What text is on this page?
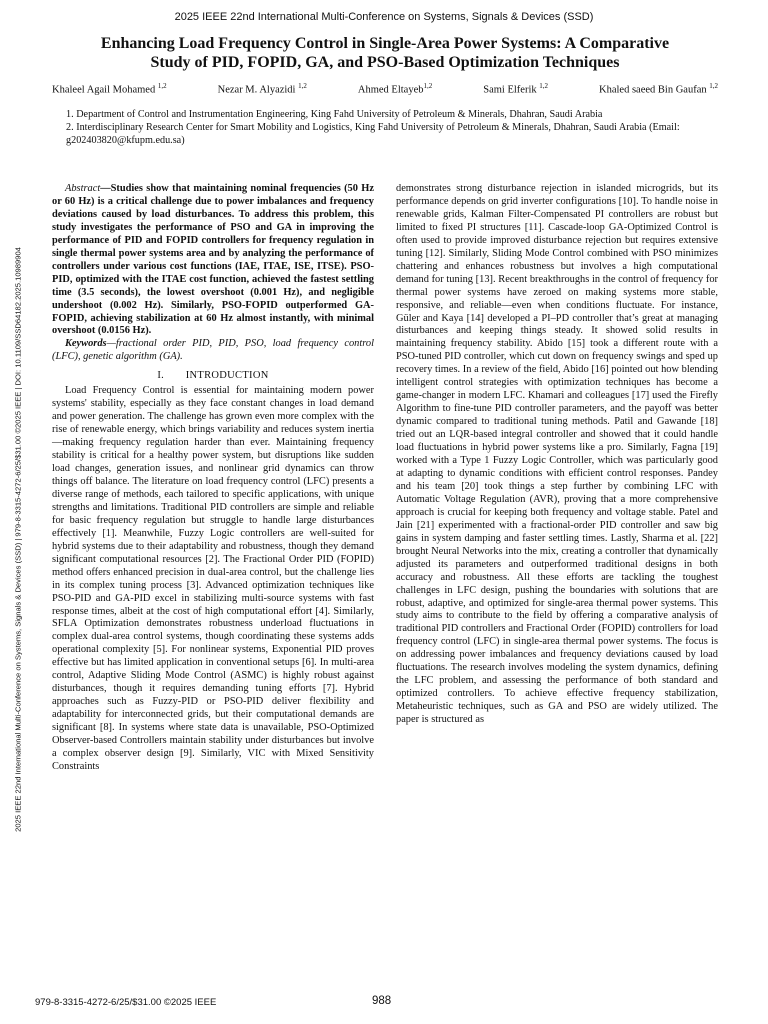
2025 IEEE 22nd International Multi-Conference on Systems, Signals & Devices (SSD)
Enhancing Load Frequency Control in Single-Area Power Systems: A Comparative
Study of PID, FOPID, GA, and PSO-Based Optimization Techniques
Khaleel Agail Mohamed $^{1,2}$	Nezar M. Alyazidi $^{1,2}$	Ahmed Eltayeb$^{1,2}$	Sami Elferik $^{1,2}$	Khaled saeed Bin Gaufan $^{1,2}$
1. Department of Control and Instrumentation Engineering, King Fahd University of Petroleum & Minerals, Dhahran, Saudi Arabia
2. Interdisciplinary Research Center for Smart Mobility and Logistics, King Fahd University of Petroleum & Minerals, Dhahran, Saudi Arabia (Email: g202403820@kfupm.edu.sa)
2025 IEEE 22nd International Multi-Conference on Systems, Signals & Devices (SSD) | 979-8-3315-4272-6/25/$31.00 ©2025 IEEE | DOI: 10.1109/SSD64182.2025.10989904

Abstract—Studies show that maintaining nominal frequencies (50 Hz or 60 Hz) is a critical challenge due to power imbalances and frequency deviations caused by load disturbances. To address this problem, this study investigates the performance of PSO and GA in improving the performance of PID and FOPID controllers for frequency regulation in single thermal power systems area and by analyzing the performance of controllers under various cost functions (IAE, ITAE, ISE, ITSE). PSO-PID, optimized with the ITAE cost function, achieved the fastest settling time (3.5 seconds), the lowest overshoot (0.001 Hz), and negligible undershoot (0.002 Hz). Similarly, PSO-FOPID outperformed GA-FOPID, achieving stabilization at 60 Hz almost instantly, with minimal overshoot (0.0156 Hz).

Keywords—fractional order PID, PID, PSO, load frequency control (LFC), genetic algorithm (GA).

I.  INTRODUCTION

Load Frequency Control is essential for maintaining modern power systems' stability, especially as they face constant changes in load demand and power generation. The challenge has grown even more complex with the rise of renewable energy, which brings variability and reduces system inertia—making frequency regulation harder than ever. Maintaining frequency stability is critical for a healthy power system, but disruptions like sudden load changes, generation issues, and nonlinear grid dynamics can throw things off balance. The literature on load frequency control (LFC) presents a diverse range of methods, each tailored to specific applications, with unique strengths and limitations. Traditional PID controllers are simple and reliable for basic frequency regulation but struggle to handle large disturbances effectively [1]. Meanwhile, Fuzzy Logic controllers are well-suited for hybrid systems due to their adaptability and robustness, though they demand significant computational resources [2]. The Fractional Order PID (FOPID) method offers enhanced precision in dual-area control, but the challenge lies in its complex tuning process [3]. Advanced optimization techniques like PSO-PID and GA-PID excel in stabilizing multi-source systems with fast response times, albeit at the cost of high computational effort [4]. Similarly, SFLA Optimization demonstrates robustness underload fluctuations in complex dual-area control systems, though coordinating these systems adds operational complexity [5]. For nonlinear systems, Exponential PID proves effective but has limited application in conventional setups [6]. In multi-area control, Adaptive Sliding Mode Control (ASMC) is highly robust against disturbances, though it requires demanding tuning efforts [7]. Hybrid approaches such as Fuzzy-PID or PSO-PID deliver flexibility and adaptability for interconnected grids, but their computational demands are significant [8]. In systems where state data is unavailable, PSO-Optimized Observer-based Controllers maintain stability under disturbances but involve a complex observer design [9]. Similarly, VIC with Mixed Sensitivity Constraints

demonstrates strong disturbance rejection in islanded microgrids, but its performance depends on grid inverter configurations [10]. To handle noise in renewable grids, Kalman Filter-Compensated PI controllers are robust but limited to fixed PI structures [11]. Cascade-loop GA-Optimized Control is often used to provide improved disturbance rejection but requires extensive tuning [12]. Similarly, Sliding Mode Control combined with PSO minimizes chattering and enhances robustness but involves a high computational demand for tuning [13]. Recent breakthroughs in the control of frequency for thermal power systems have zeroed on making systems more stable, responsive, and reliable—even when conditions fluctuate. For instance, Güler and Kaya [14] developed a PI–PD controller that’s great at managing disturbances and keeping things steady. It showed solid results in maintaining frequency stability. Abido [15] took a different route with a PSO-tuned PID controller, which cut down on frequency swings and sped up recovery times. In a review of the field, Abido [16] pointed out how blending intelligent control strategies with optimization techniques has become a game-changer in modern LFC. Khamari and colleagues [17] used the Firefly Algorithm to fine-tune PID controller parameters, and the payoff was better dynamic compared to traditional tuning methods. Patil and Gawande [18] tried out an LQR-based integral controller and showed that it could handle load fluctuations in hybrid power systems like a pro. Similarly, Fagna [19] worked with a Type 1 Fuzzy Logic Controller, which was particularly good at adapting to dynamic conditions with efficient control responses. Pandey and his team [20] took things a step further by combining LFC with Automatic Voltage Regulation (AVR), proving that a more comprehensive approach is crucial for keeping both frequency and voltage stable. Patel and Jain [21] experimented with a fractional-order PID controller and saw big gains in system damping and faster settling times. Lastly, Sharma et al. [22] brought Neural Networks into the mix, creating a controller that dynamically adjusted its parameters and outperformed traditional designs in both accuracy and robustness. All these efforts are tackling the toughest challenges in LFC design, pushing the boundaries with solutions that are robust, adaptive, and optimized for single-area thermal power systems. This study aims to contribute to the field by offering a comparative analysis of traditional PID controllers and Fractional Order (FOPID) controllers for load frequency control (LFC) in single-area thermal power systems. The focus is on addressing power imbalances and frequency deviations caused by load fluctuations. The research involves modeling the system dynamics, defining the LFC problem, and assessing the performance of both standard and optimized controllers. To achieve effective frequency stabilization, Metaheuristic techniques, such as GA and PSO are widely utilized. The paper is structured as

979-8-3315-4272-6/25/$31.00 ©2025 IEEE	988
